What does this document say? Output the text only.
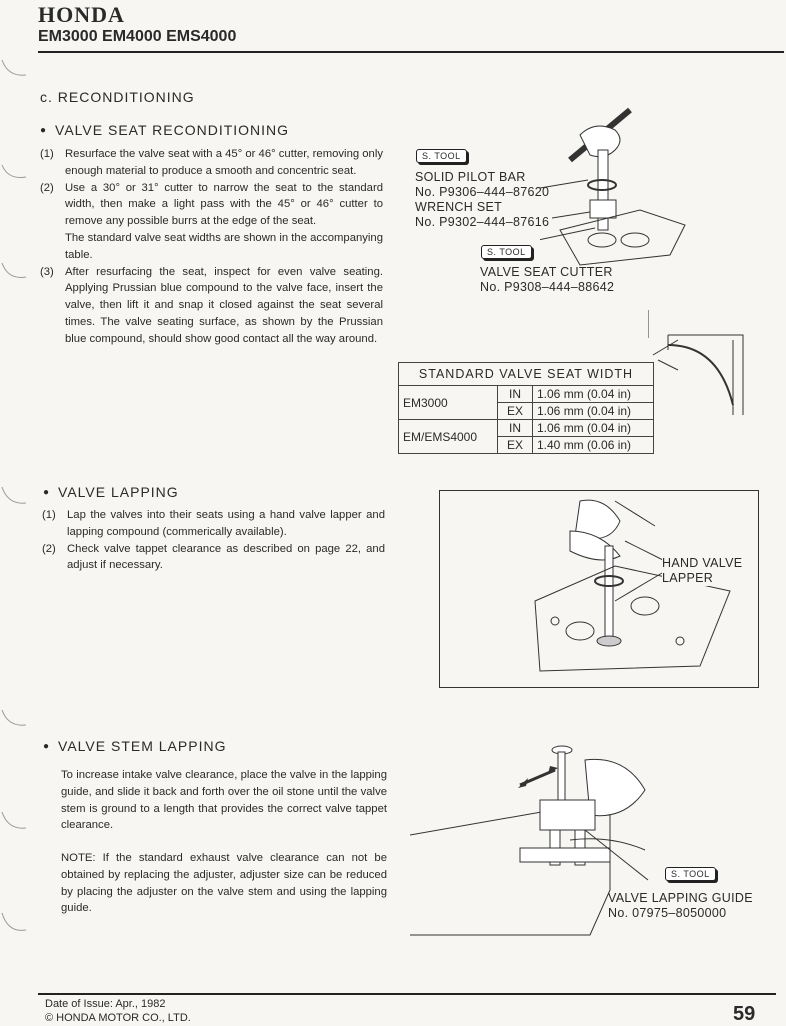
HONDA
EM3000 EM4000 EMS4000
c. RECONDITIONING
● VALVE SEAT RECONDITIONING
(1) Resurface the valve seat with a 45° or 46° cutter, removing only enough material to produce a smooth and concentric seat.
(2) Use a 30° or 31° cutter to narrow the seat to the standard width, then make a light pass with the 45° or 46° cutter to remove any possible burrs at the edge of the seat.
The standard valve seat widths are shown in the accompanying table.
(3) After resurfacing the seat, inspect for even valve seating. Applying Prussian blue compound to the valve face, insert the valve, then lift it and snap it closed against the seat several times. The valve seating surface, as shown by the Prussian blue compound, should show good contact all the way around.
S. TOOL
SOLID PILOT BAR
No. P9306–444–87620
WRENCH SET
No. P9302–444–87616
S. TOOL
VALVE SEAT CUTTER
No. P9308–444–88642
STANDARD VALVE SEAT WIDTH		
EM3000	IN	1.06 mm (0.04 in)
	EX	1.06 mm (0.04 in)
EM/EMS4000	IN	1.06 mm (0.04 in)
	EX	1.40 mm (0.06 in)
● VALVE LAPPING
(1) Lap the valves into their seats using a hand valve lapper and lapping compound (commerically available).
(2) Check valve tappet clearance as described on page 22, and adjust if necessary.	HAND VALVE
LAPPER
● VALVE STEM LAPPING
To increase intake valve clearance, place the valve in the lapping guide, and slide it back and forth over the oil stone until the valve stem is ground to a length that provides the correct valve tappet clearance.
NOTE: If the standard exhaust valve clearance can not be obtained by replacing the adjuster, adjuster size can be reduced by placing the adjuster on the valve stem and using the lapping guide.
S. TOOL
VALVE LAPPING GUIDE
No. 07975–8050000
Date of Issue: Apr., 1982
© HONDA MOTOR CO., LTD.	59
